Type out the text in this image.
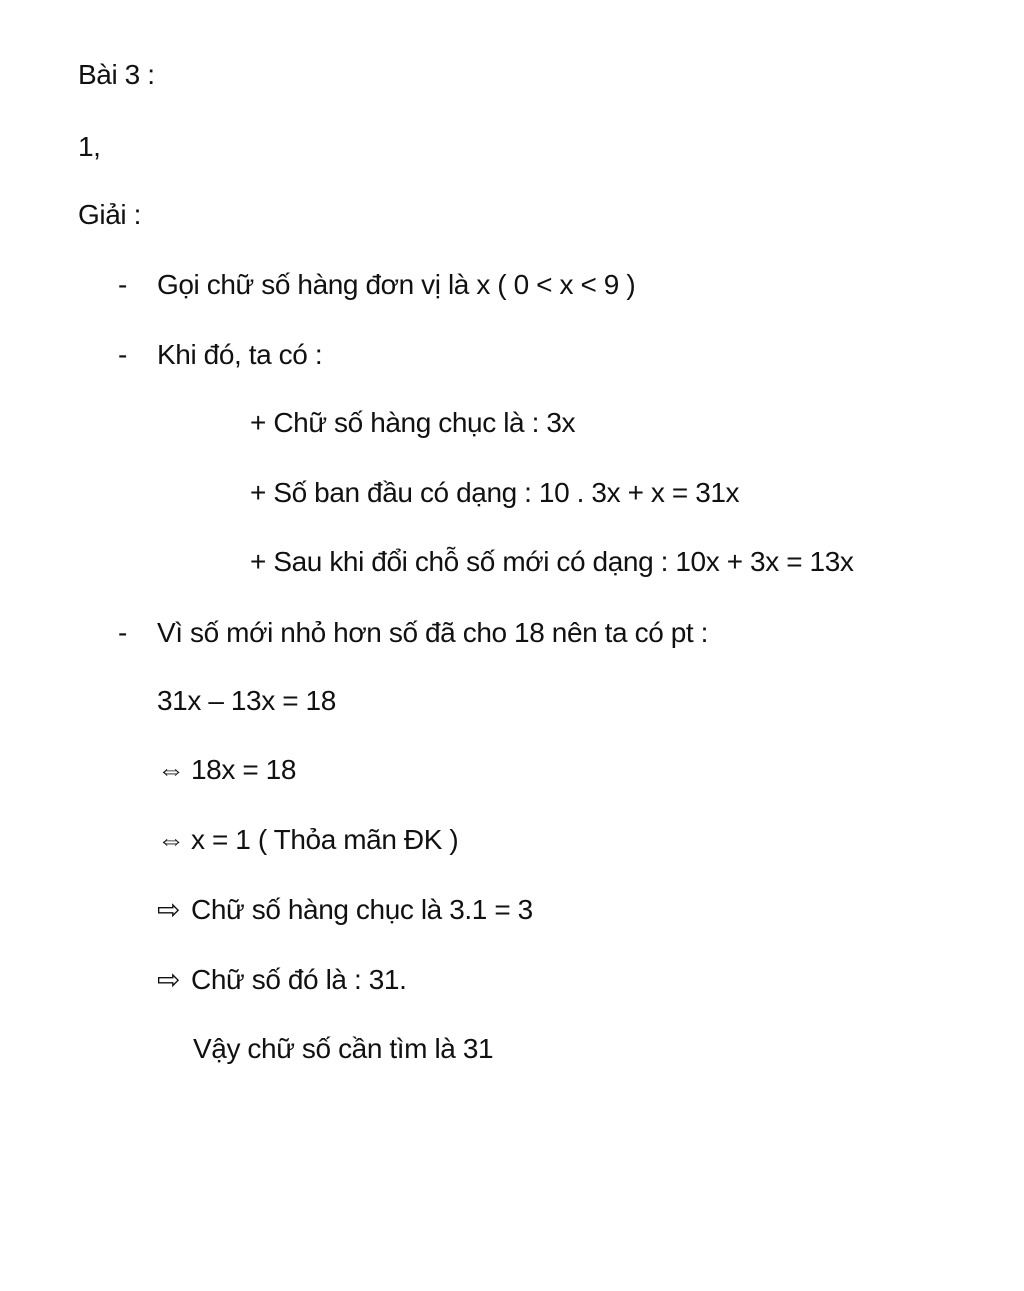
Bài 3 :
1,
Giải :
- Gọi chữ số hàng đơn vị là x ( 0 < x < 9 )
- Khi đó, ta có :
+ Chữ số hàng chục là : 3x
+ Số ban đầu có dạng : 10 . 3x + x = 31x
+ Sau khi đổi chỗ số mới có dạng : 10x + 3x = 13x
- Vì số mới nhỏ hơn số đã cho 18 nên ta có pt :
31x – 13x = 18
⇔ 18x = 18
⇔ x = 1 ( Thỏa mãn ĐK )
⇨ Chữ số hàng chục là 3.1 = 3
⇨ Chữ số đó là : 31.
Vậy chữ số cần tìm là 31
